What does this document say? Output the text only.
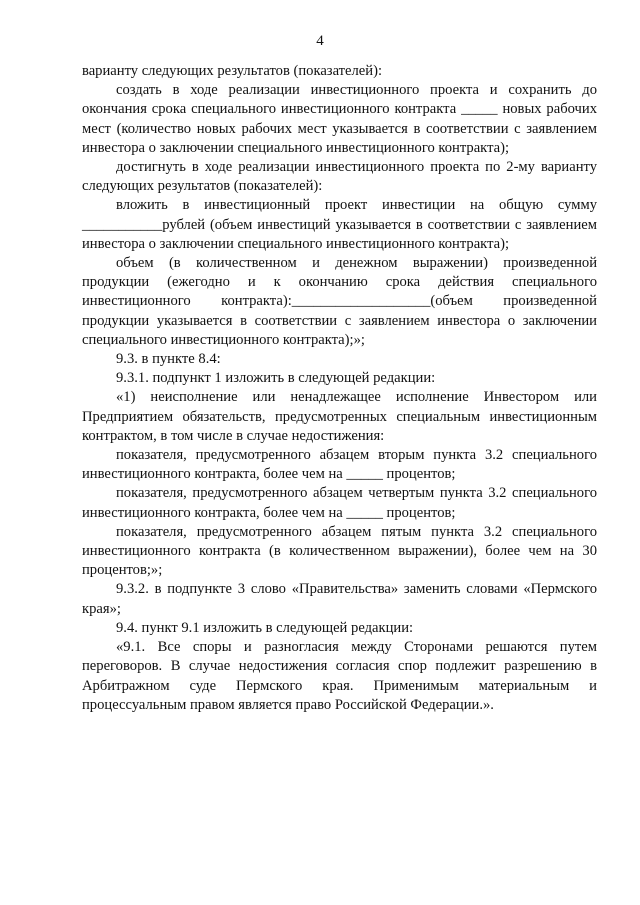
4

варианту следующих результатов (показателей):

создать в ходе реализации инвестиционного проекта и сохранить до окончания срока специального инвестиционного контракта _____ новых рабочих мест (количество новых рабочих мест указывается в соответствии с заявлением инвестора о заключении специального инвестиционного контракта);

достигнуть в ходе реализации инвестиционного проекта по 2-му варианту следующих результатов (показателей):

вложить в инвестиционный проект инвестиции на общую сумму ___________рублей (объем инвестиций указывается в соответствии с заявлением инвестора о заключении специального инвестиционного контракта);

объем (в количественном и денежном выражении) произведенной продукции (ежегодно и к окончанию срока действия специального инвестиционного контракта):___________________(объем произведенной продукции указывается в соответствии с заявлением инвестора о заключении специального инвестиционного контракта);»;

9.3. в пункте 8.4:

9.3.1. подпункт 1 изложить в следующей редакции:

«1) неисполнение или ненадлежащее исполнение Инвестором или Предприятием обязательств, предусмотренных специальным инвестиционным контрактом, в том числе в случае недостижения:

показателя, предусмотренного абзацем вторым пункта 3.2 специального инвестиционного контракта, более чем на _____ процентов;

показателя, предусмотренного абзацем четвертым пункта 3.2 специального инвестиционного контракта, более чем на _____ процентов;

показателя, предусмотренного абзацем пятым пункта 3.2 специального инвестиционного контракта (в количественном выражении), более чем на 30 процентов;»;

9.3.2. в подпункте 3 слово «Правительства» заменить словами «Пермского края»;

9.4. пункт 9.1 изложить в следующей редакции:

«9.1. Все споры и разногласия между Сторонами решаются путем переговоров. В случае недостижения согласия спор подлежит разрешению в Арбитражном суде Пермского края. Применимым материальным и процессуальным правом является право Российской Федерации.».
